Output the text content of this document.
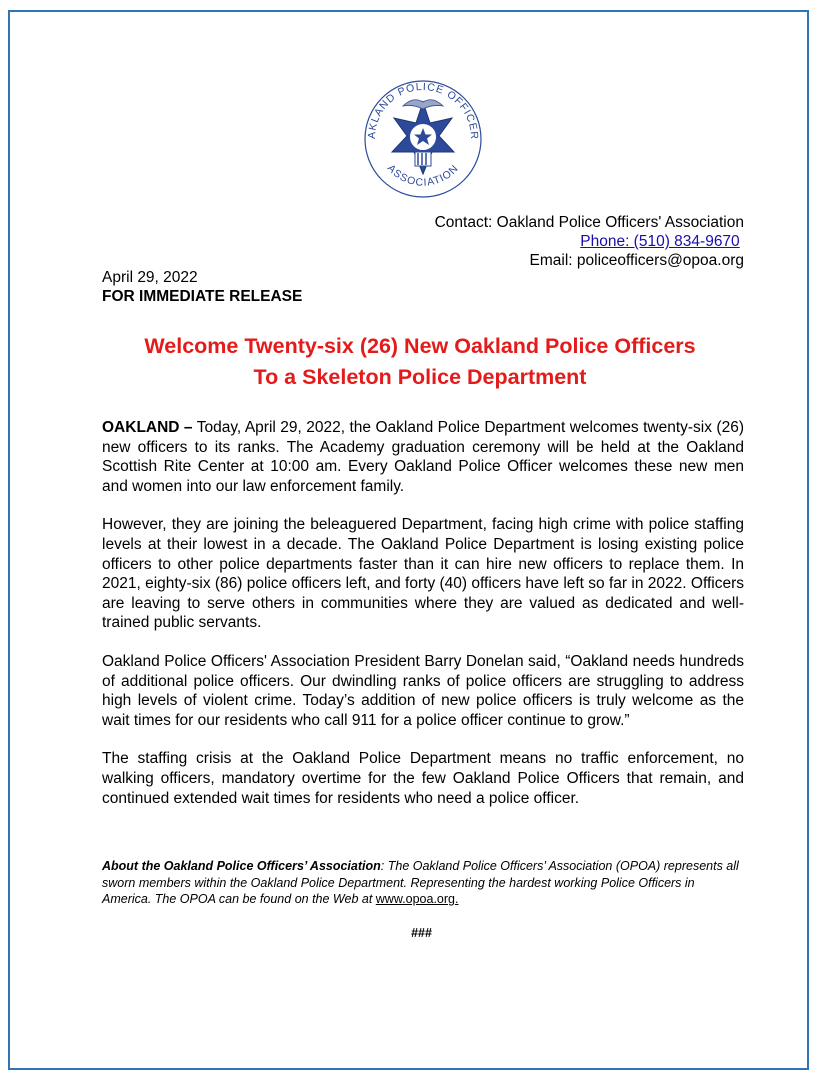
AKLAND POLICE OFFICER
ASSOCIATION
Contact: Oakland Police Officers' Association
Phone: (510) 834-9670
Email: policeofficers@opoa.org
April 29, 2022
FOR IMMEDIATE RELEASE
Welcome Twenty-six (26) New Oakland Police Officers
To a Skeleton Police Department

OAKLAND – Today, April 29, 2022, the Oakland Police Department welcomes twenty-six (26) new officers to its ranks. The Academy graduation ceremony will be held at the Oakland Scottish Rite Center at 10:00 am. Every Oakland Police Officer welcomes these new men and women into our law enforcement family.

However, they are joining the beleaguered Department, facing high crime with police staffing levels at their lowest in a decade. The Oakland Police Department is losing existing police officers to other police departments faster than it can hire new officers to replace them. In 2021, eighty-six (86) police officers left, and forty (40) officers have left so far in 2022. Officers are leaving to serve others in communities where they are valued as dedicated and well-trained public servants.

Oakland Police Officers' Association President Barry Donelan said, “Oakland needs hundreds of additional police officers. Our dwindling ranks of police officers are struggling to address high levels of violent crime. Today’s addition of new police officers is truly welcome as the wait times for our residents who call 911 for a police officer continue to grow.”

The staffing crisis at the Oakland Police Department means no traffic enforcement, no walking officers, mandatory overtime for the few Oakland Police Officers that remain, and continued extended wait times for residents who need a police officer.

About the Oakland Police Officers’ Association: The Oakland Police Officers’ Association (OPOA) represents all sworn members within the Oakland Police Department. Representing the hardest working Police Officers in America. The OPOA can be found on the Web at www.opoa.org.
###
